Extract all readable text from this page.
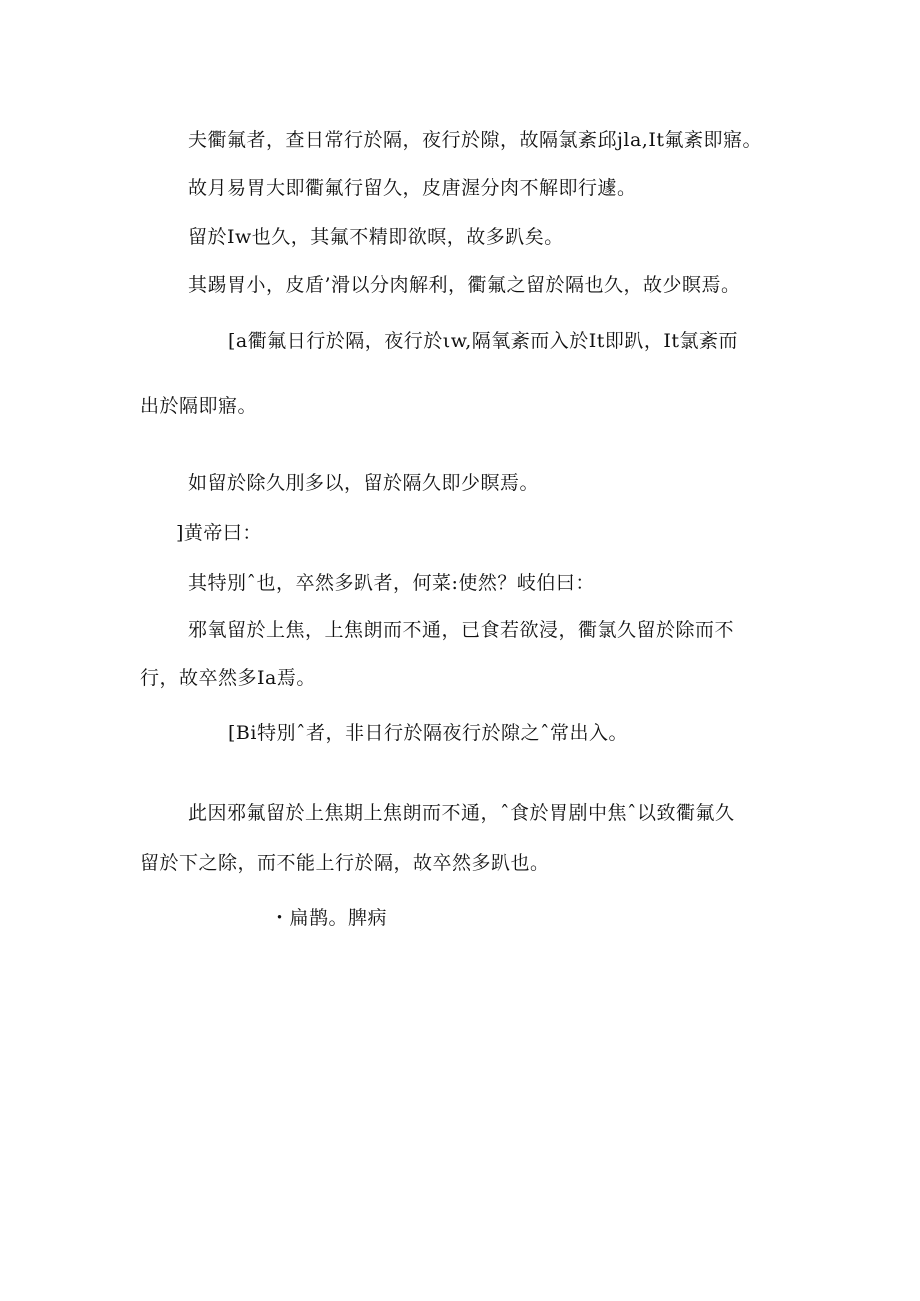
夫衢氟者，查日常行於隔，夜行於隙，故隔氯紊邱jla,It氟紊即寤。
故月易胃大即衢氟行留久，皮唐渥分肉不解即行遽。
留於Iw也久，其氟不精即欲暝，故多趴矣。
其踢胃小，皮盾’滑以分肉解利，衢氟之留於隔也久，故少瞑焉。
[a衢氟日行於隔，夜行於ιw,隔氧紊而入於It即趴，It氯紊而
出於隔即寤。
如留於除久刖多以，留於隔久即少瞑焉。
]黄帝曰：
其特別ˆ也，卒然多趴者，何菜:使然？岐伯曰：
邪氧留於上焦，上焦朗而不通，已食若欲浸，衢氯久留於除而不
行，故卒然多Ia焉。
[Bi特別ˆ者，非日行於隔夜行於隙之ˆ常出入。
此因邪氟留於上焦期上焦朗而不通，ˆ食於胃剧中焦ˆ以致衢氟久
留於下之除，而不能上行於隔，故卒然多趴也。
・扁鹊。脾病
